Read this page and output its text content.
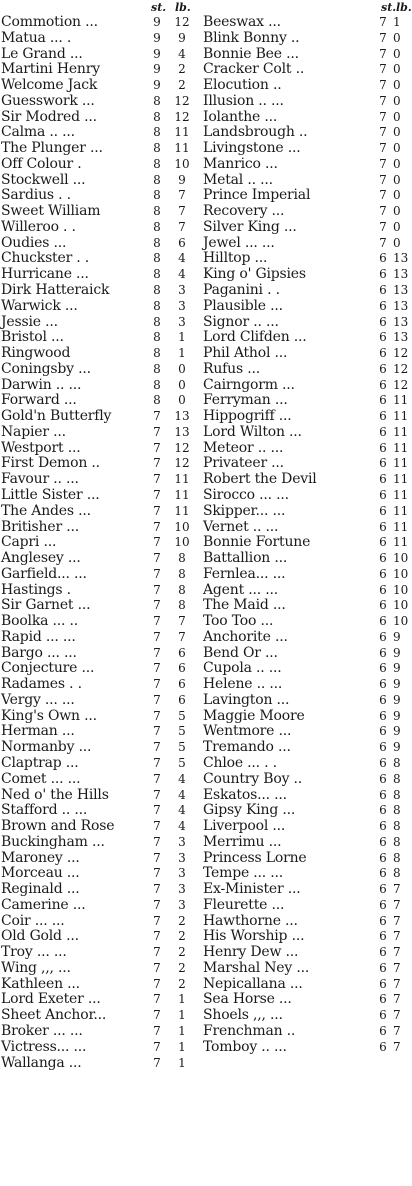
st. lb.
Commotion ...	9 12
Matua ... .	9	9
Le Grand ...	9	4
Martini Henry	9	2
Welcome Jack	9	2
Guesswork ...	8 12
Sir Modred ...	8 12
Calma .. ...	8 11
The Plunger ...	8 11
Off Colour .	8 10
Stockwell ...	8	9
Sardius . .	8	7
Sweet William	8	7
Willeroo . .	8	7
Oudies ...	8	6
Chuckster . .	8	4
Hurricane ...	8	4
Dirk Hatteraick	8	3
Warwick ...	8	3
Jessie ...	8	3
Bristol ...	8	1
Ringwood	8	1
Coningsby ...	8	0
Darwin .. ...	8	0
Forward ...	8	0
Gold'n Butterfly	7 13
Napier ...	7 13
Westport ...	7 12
First Demon ..	7 12
Favour .. ...	7 11
Little Sister ...	7 11
The Andes ...	7 11
Britisher ...	7 10
Capri ...	7 10
Anglesey ...	7	8
Garfield... ...	7	8
Hastings .	7	8
Sir Garnet ...	7	8
Boolka ... ..	7	7
Rapid ... ...	7	7
Bargo ... ...	7	6
Conjecture ...	7	6
Radames . .	7	6
Vergy ... ...	7	6
King's Own ...	7	5
Herman ...	7	5
Normanby ...	7	5
Claptrap ...	7	5
Comet ... ...	7	4
Ned o' the Hills	7	4
Stafford .. ...	7	4
Brown and Rose	7	4
Buckingham ...	7	3
Maroney ...	7	3
Morceau ...	7	3
Reginald ...	7	3
Camerine ...	7	3
Coir ... ...	7	2
Old Gold ...	7	2
Troy ... ...	7	2
Wing ,,, ...	7	2
Kathleen ...	7	2
Lord Exeter ...	7	1
Sheet Anchor...	7	1
Broker ... ...	7	1
Victress... ...	7	1
Wallanga ...	7	1
st. lb.
Beeswax ...	7 1
Blink Bonny ..	7 0
Bonnie Bee ...	7 0
Cracker Colt ..	7 0
Elocution ..	7 0
Illusion .. ...	7 0
Iolanthe ...	7 0
Landsbrough ..	7 0
Livingstone ...	7 0
Manrico ...	7 0
Metal .. ...	7 0
Prince Imperial	7 0
Recovery ...	7 0
Silver King ...	7 0
Jewel ... ...	7 0
Hilltop ...	6 13
King o' Gipsies	6 13
Paganini . .	6 13
Plausible ...	6 13
Signor .. ...	6 13
Lord Clifden ...	6 13
Phil Athol ...	6 12
Rufus ...	6 12
Cairngorm ...	6 12
Ferryman ...	6 11
Hippogriff ...	6 11
Lord Wilton ...	6 11
Meteor .. ...	6 11
Privateer ...	6 11
Robert the Devil	6 11
Sirocco ... ...	6 11
Skipper... ...	6 11
Vernet .. ...	6 11
Bonnie Fortune	6 11
Battallion ...	6 10
Fernlea... ...	6 10
Agent ... ...	6 10
The Maid ...	6 10
Too Too ...	6 10
Anchorite ...	6 9
Bend Or ...	6 9
Cupola .. ...	6 9
Helene .. ...	6 9
Lavington ...	6 9
Maggie Moore	6 9
Wentmore ...	6 9
Tremando ...	6 9
Chloe ... . .	6 8
Country Boy ..	6 8
Eskatos... ...	6 8
Gipsy King ...	6 8
Liverpool ...	6 8
Merrimu ...	6 8
Princess Lorne	6 8
Tempe ... ...	6 8
Ex-Minister ...	6 7
Fleurette ...	6 7
Hawthorne ...	6 7
His Worship ...	6 7
Henry Dew ...	6 7
Marshal Ney ...	6 7
Nepicallana ...	6 7
Sea Horse ...	6 7
Shoels ,,, ...	6 7
Frenchman ..	6 7
Tomboy .. ...	6 7
